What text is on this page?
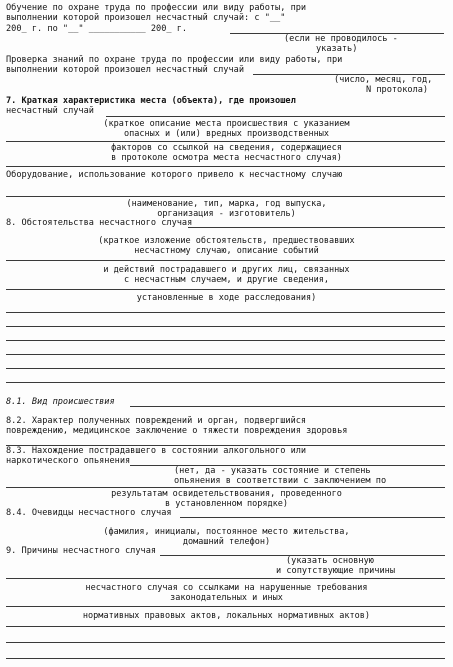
Обучение по охране труда по профессии или виду работы, при
выполнении которой произошел несчастный случай: с "__"
200_ г. по "__" ___________ 200_ г.
(если не проводилось -
указать)
Проверка знаний по охране труда по профессии или виду работы, при
выполнении которой произошел несчастный случай
(число, месяц, год,
N протокола)
7. Краткая характеристика места (объекта), где произошел
несчастный случай
(краткое описание места происшествия с указанием
опасных и (или) вредных производственных
факторов со ссылкой на сведения, содержащиеся
в протоколе осмотра места несчастного случая)
Оборудование, использование которого привело к несчастному случаю
(наименование, тип, марка, год выпуска,
организация - изготовитель)
8. Обстоятельства несчастного случая
(краткое изложение обстоятельств, предшествовавших
несчастному случаю, описание событий
и действий пострадавшего и других лиц, связанных
с несчастным случаем, и другие сведения,
установленные в ходе расследования)
8.1. Вид происшествия
8.2. Характер полученных повреждений и орган, подвергшийся
повреждению, медицинское заключение о тяжести повреждения здоровья
8.3. Нахождение пострадавшего в состоянии алкогольного или
наркотического опьянения
(нет, да - указать состояние и степень
опьянения в соответствии с заключением по
результатам освидетельствования, проведенного
в установленном порядке)
8.4. Очевидцы несчастного случая
(фамилия, инициалы, постоянное место жительства,
домашний телефон)
9. Причины несчастного случая
(указать основную
и сопутствующие причины
несчастного случая со ссылками на нарушенные требования
законодательных и иных
нормативных правовых актов, локальных нормативных актов)
